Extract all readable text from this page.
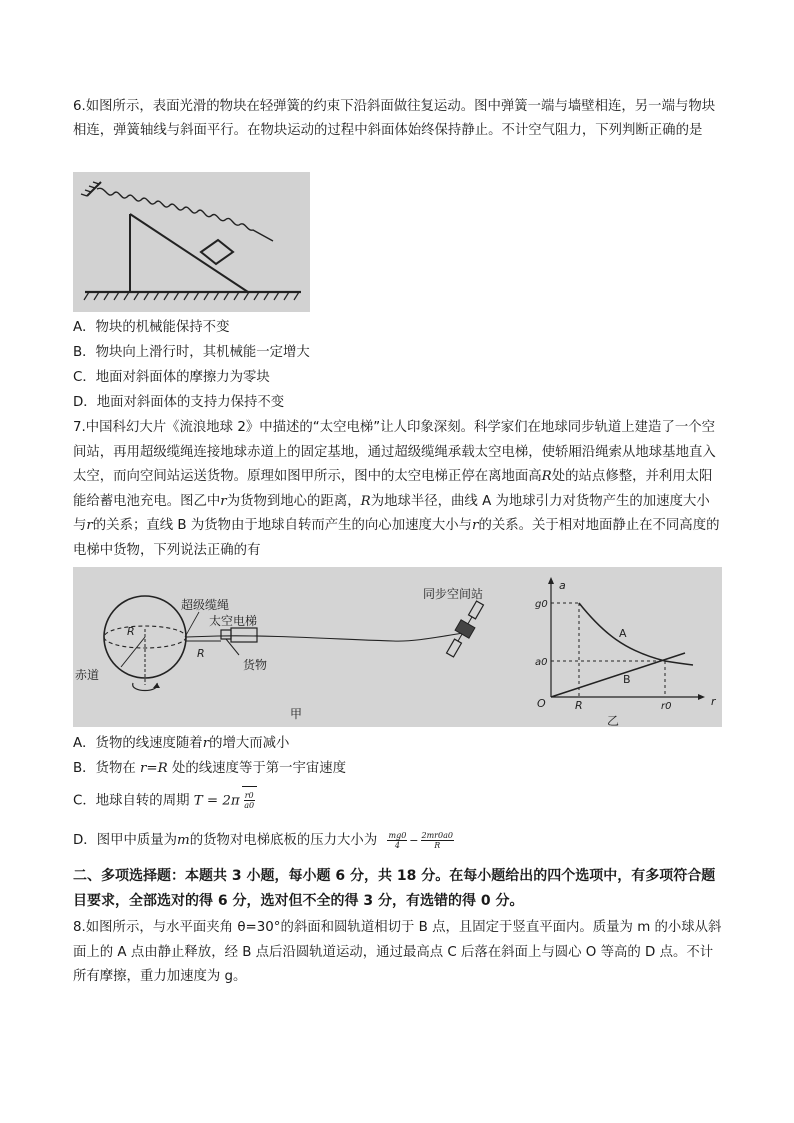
6.如图所示，表面光滑的物块在轻弹簧的约束下沿斜面做往复运动。图中弹簧一端与墙壁相连，另一端与物块相连，弹簧轴线与斜面平行。在物块运动的过程中斜面体始终保持静止。不计空气阻力，下列判断正确的是

A．物块的机械能保持不变
B．物块向上滑行时，其机械能一定增大
C．地面对斜面体的摩擦力为零块
D．地面对斜面体的支持力保持不变

7.中国科幻大片《流浪地球 2》中描述的“太空电梯”让人印象深刻。科学家们在地球同步轨道上建造了一个空间站，再用超级缆绳连接地球赤道上的固定基地，通过超级缆绳承载太空电梯，使轿厢沿绳索从地球基地直入太空，而向空间站运送货物。原理如图甲所示，图中的太空电梯正停在离地面高R处的站点修整，并利用太阳能给蓄电池充电。图乙中r为货物到地心的距离，R为地球半径，曲线 A 为地球引力对货物产生的加速度大小与r的关系；直线 B 为货物由于地球自转而产生的向心加速度大小与r的关系。关于相对地面静止在不同高度的电梯中货物，下列说法正确的有

R
R
超级缆绳
太空电梯
货物
赤道
同步空间站
甲
a
r
g0
a0
O	R	r0
A
B
乙
A．货物的线速度随着r的增大而减小
B．货物在 r=R 处的线速度等于第一宇宙速度
C．地球自转的周期 $T = 2\pi \frac{r0}{a0}$
D．图甲中质量为m的货物对电梯底板的压力大小为 $\frac{mg0}{4} - \frac{2mr0a0}{R}$

二、多项选择题：本题共 3 小题，每小题 6 分，共 18 分。在每小题给出的四个选项中，有多项符合题目要求，全部选对的得 6 分，选对但不全的得 3 分，有选错的得 0 分。

8.如图所示，与水平面夹角 θ=30°的斜面和圆轨道相切于 B 点，且固定于竖直平面内。质量为 m 的小球从斜面上的 A 点由静止释放，经 B 点后沿圆轨道运动，通过最高点 C 后落在斜面上与圆心 O 等高的 D 点。不计所有摩擦，重力加速度为 g。
